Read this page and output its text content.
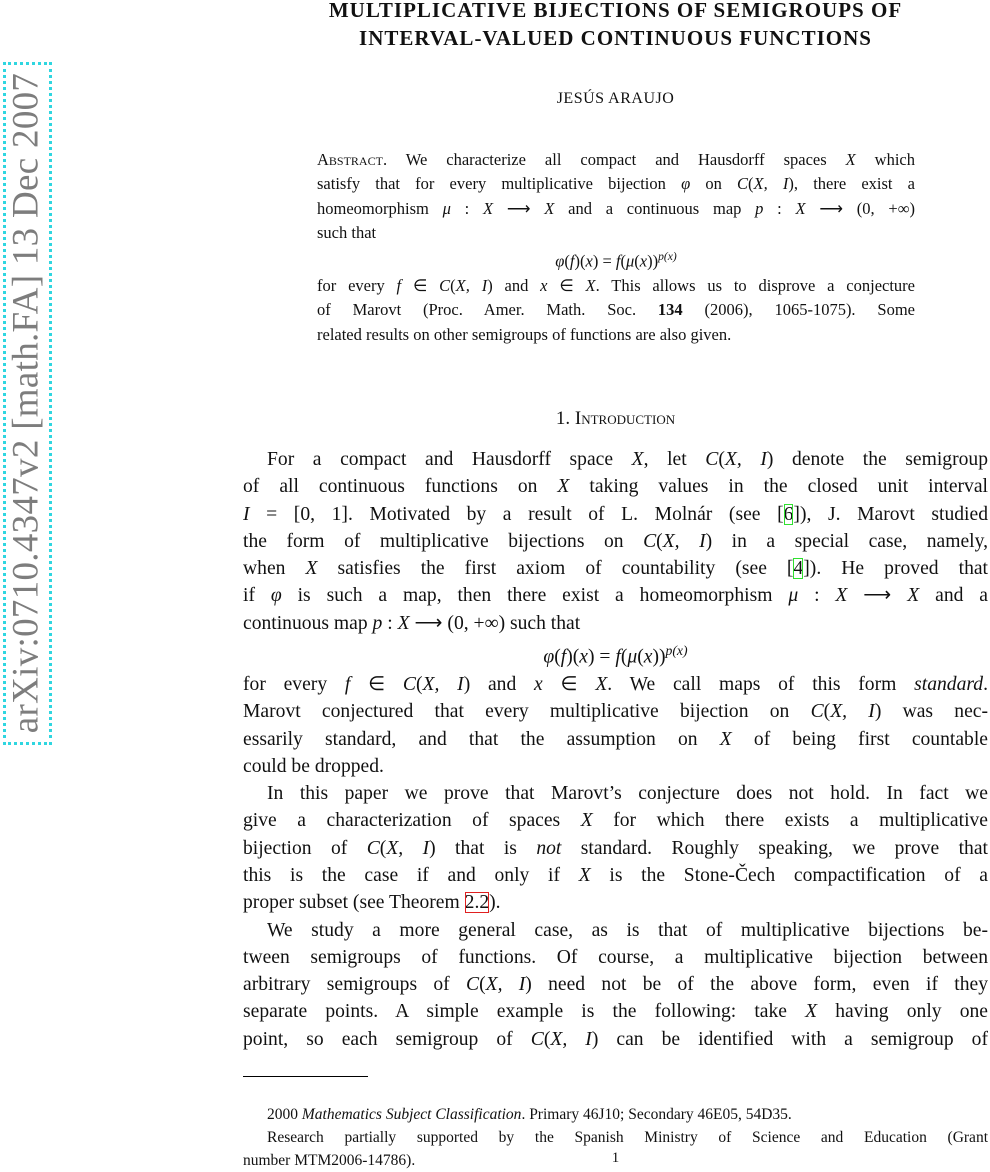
arXiv:0710.4347v2 [math.FA] 13 Dec 2007
MULTIPLICATIVE BIJECTIONS OF SEMIGROUPS OF
INTERVAL-VALUED CONTINUOUS FUNCTIONS
JESÚS ARAUJO
Abstract. We characterize all compact and Hausdorff spaces X which
satisfy that for every multiplicative bijection φ on C(X, I), there exist a
homeomorphism μ : X ⟶ X and a continuous map p : X ⟶ (0, +∞)
such that
$\varphi(f)(x) = f(\mu(x))^{p(x)}$
for every f ∈ C(X, I) and x ∈ X. This allows us to disprove a conjecture
of Marovt (Proc. Amer. Math. Soc. 134 (2006), 1065-1075). Some
related results on other semigroups of functions are also given.
1. Introduction
For a compact and Hausdorff space X, let C(X, I) denote the semigroup
of all continuous functions on X taking values in the closed unit interval
I = [0, 1]. Motivated by a result of L. Molnár (see [6]), J. Marovt studied
the form of multiplicative bijections on C(X, I) in a special case, namely,
when X satisfies the first axiom of countability (see [4]). He proved that
if φ is such a map, then there exist a homeomorphism μ : X ⟶ X and a
continuous map p : X ⟶ (0, +∞) such that
$\varphi(f)(x) = f(\mu(x))^{p(x)}$
for every f ∈ C(X, I) and x ∈ X. We call maps of this form standard.
Marovt conjectured that every multiplicative bijection on C(X, I) was nec-
essarily standard, and that the assumption on X of being first countable
could be dropped.
In this paper we prove that Marovt’s conjecture does not hold. In fact we
give a characterization of spaces X for which there exists a multiplicative
bijection of C(X, I) that is not standard. Roughly speaking, we prove that
this is the case if and only if X is the Stone-Čech compactification of a
proper subset (see Theorem 2.2).
We study a more general case, as is that of multiplicative bijections be-
tween semigroups of functions. Of course, a multiplicative bijection between
arbitrary semigroups of C(X, I) need not be of the above form, even if they
separate points. A simple example is the following: take X having only one
point, so each semigroup of C(X, I) can be identified with a semigroup of
2000 Mathematics Subject Classification. Primary 46J10; Secondary 46E05, 54D35.
Research partially supported by the Spanish Ministry of Science and Education (Grant
number MTM2006-14786).	1
